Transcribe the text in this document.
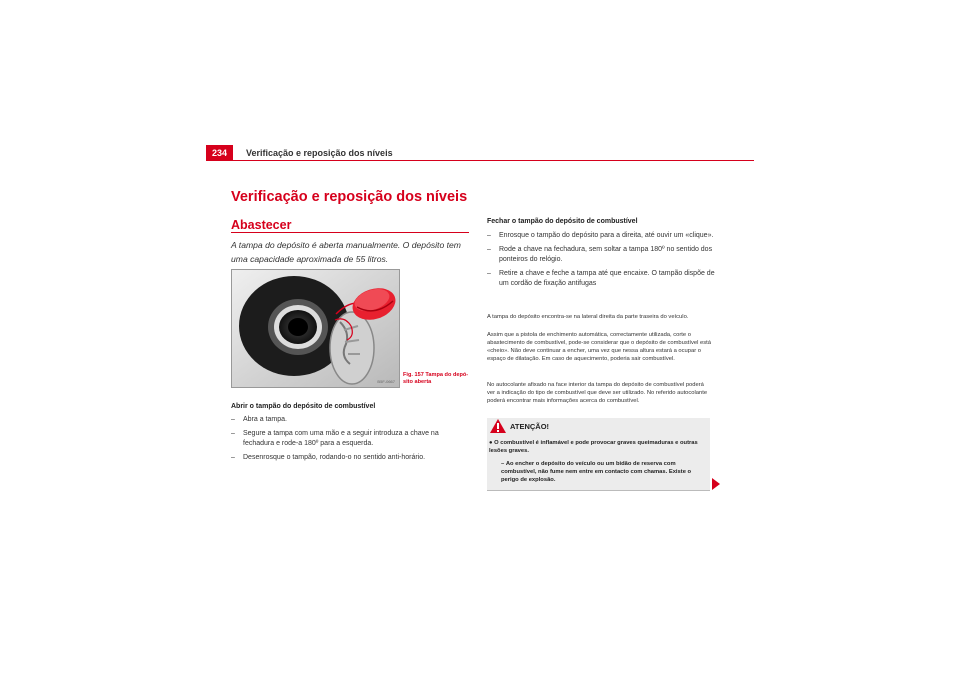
234	Verificação e reposição dos níveis
Verificação e reposição dos níveis
Abastecer
A tampa do depósito é aberta manualmente. O depósito tem uma capacidade aproximada de 55 litros.
B5F-0667
Fig. 157 Tampa do depó-sito aberta
Abrir o tampão do depósito de combustível
– Abra a tampa.
– Segure a tampa com uma mão e a seguir introduza a chave na fechadura e rode-a 180º para a esquerda.
– Desenrosque o tampão, rodando-o no sentido anti-horário.
Fechar o tampão do depósito de combustível
– Enrosque o tampão do depósito para a direita, até ouvir um «clique».
– Rode a chave na fechadura, sem soltar a tampa 180º no sentido dos ponteiros do relógio.
– Retire a chave e feche a tampa até que encaixe. O tampão dispõe de um cordão de fixação antifugas
A tampa do depósito encontra-se na lateral direita da parte traseira do veículo.
Assim que a pistola de enchimento automática, correctamente utilizada, corte o abastecimento de combustível, pode-se considerar que o depósito de combustível está «cheio». Não deve continuar a encher, uma vez que nessa altura estará a ocupar o espaço de dilatação. Em caso de aquecimento, poderia sair combustível.
No autocolante afixado na face interior da tampa do depósito de combustível poderá ver a indicação do tipo de combustível que deve ser utilizado. No referido autocolante poderá encontrar mais informações acerca do combustível.
ATENÇÃO!
● O combustível é inflamável e pode provocar graves queimaduras e outras lesões graves.
– Ao encher o depósito do veículo ou um bidão de reserva com combustível, não fume nem entre em contacto com chamas. Existe o perigo de explosão.
